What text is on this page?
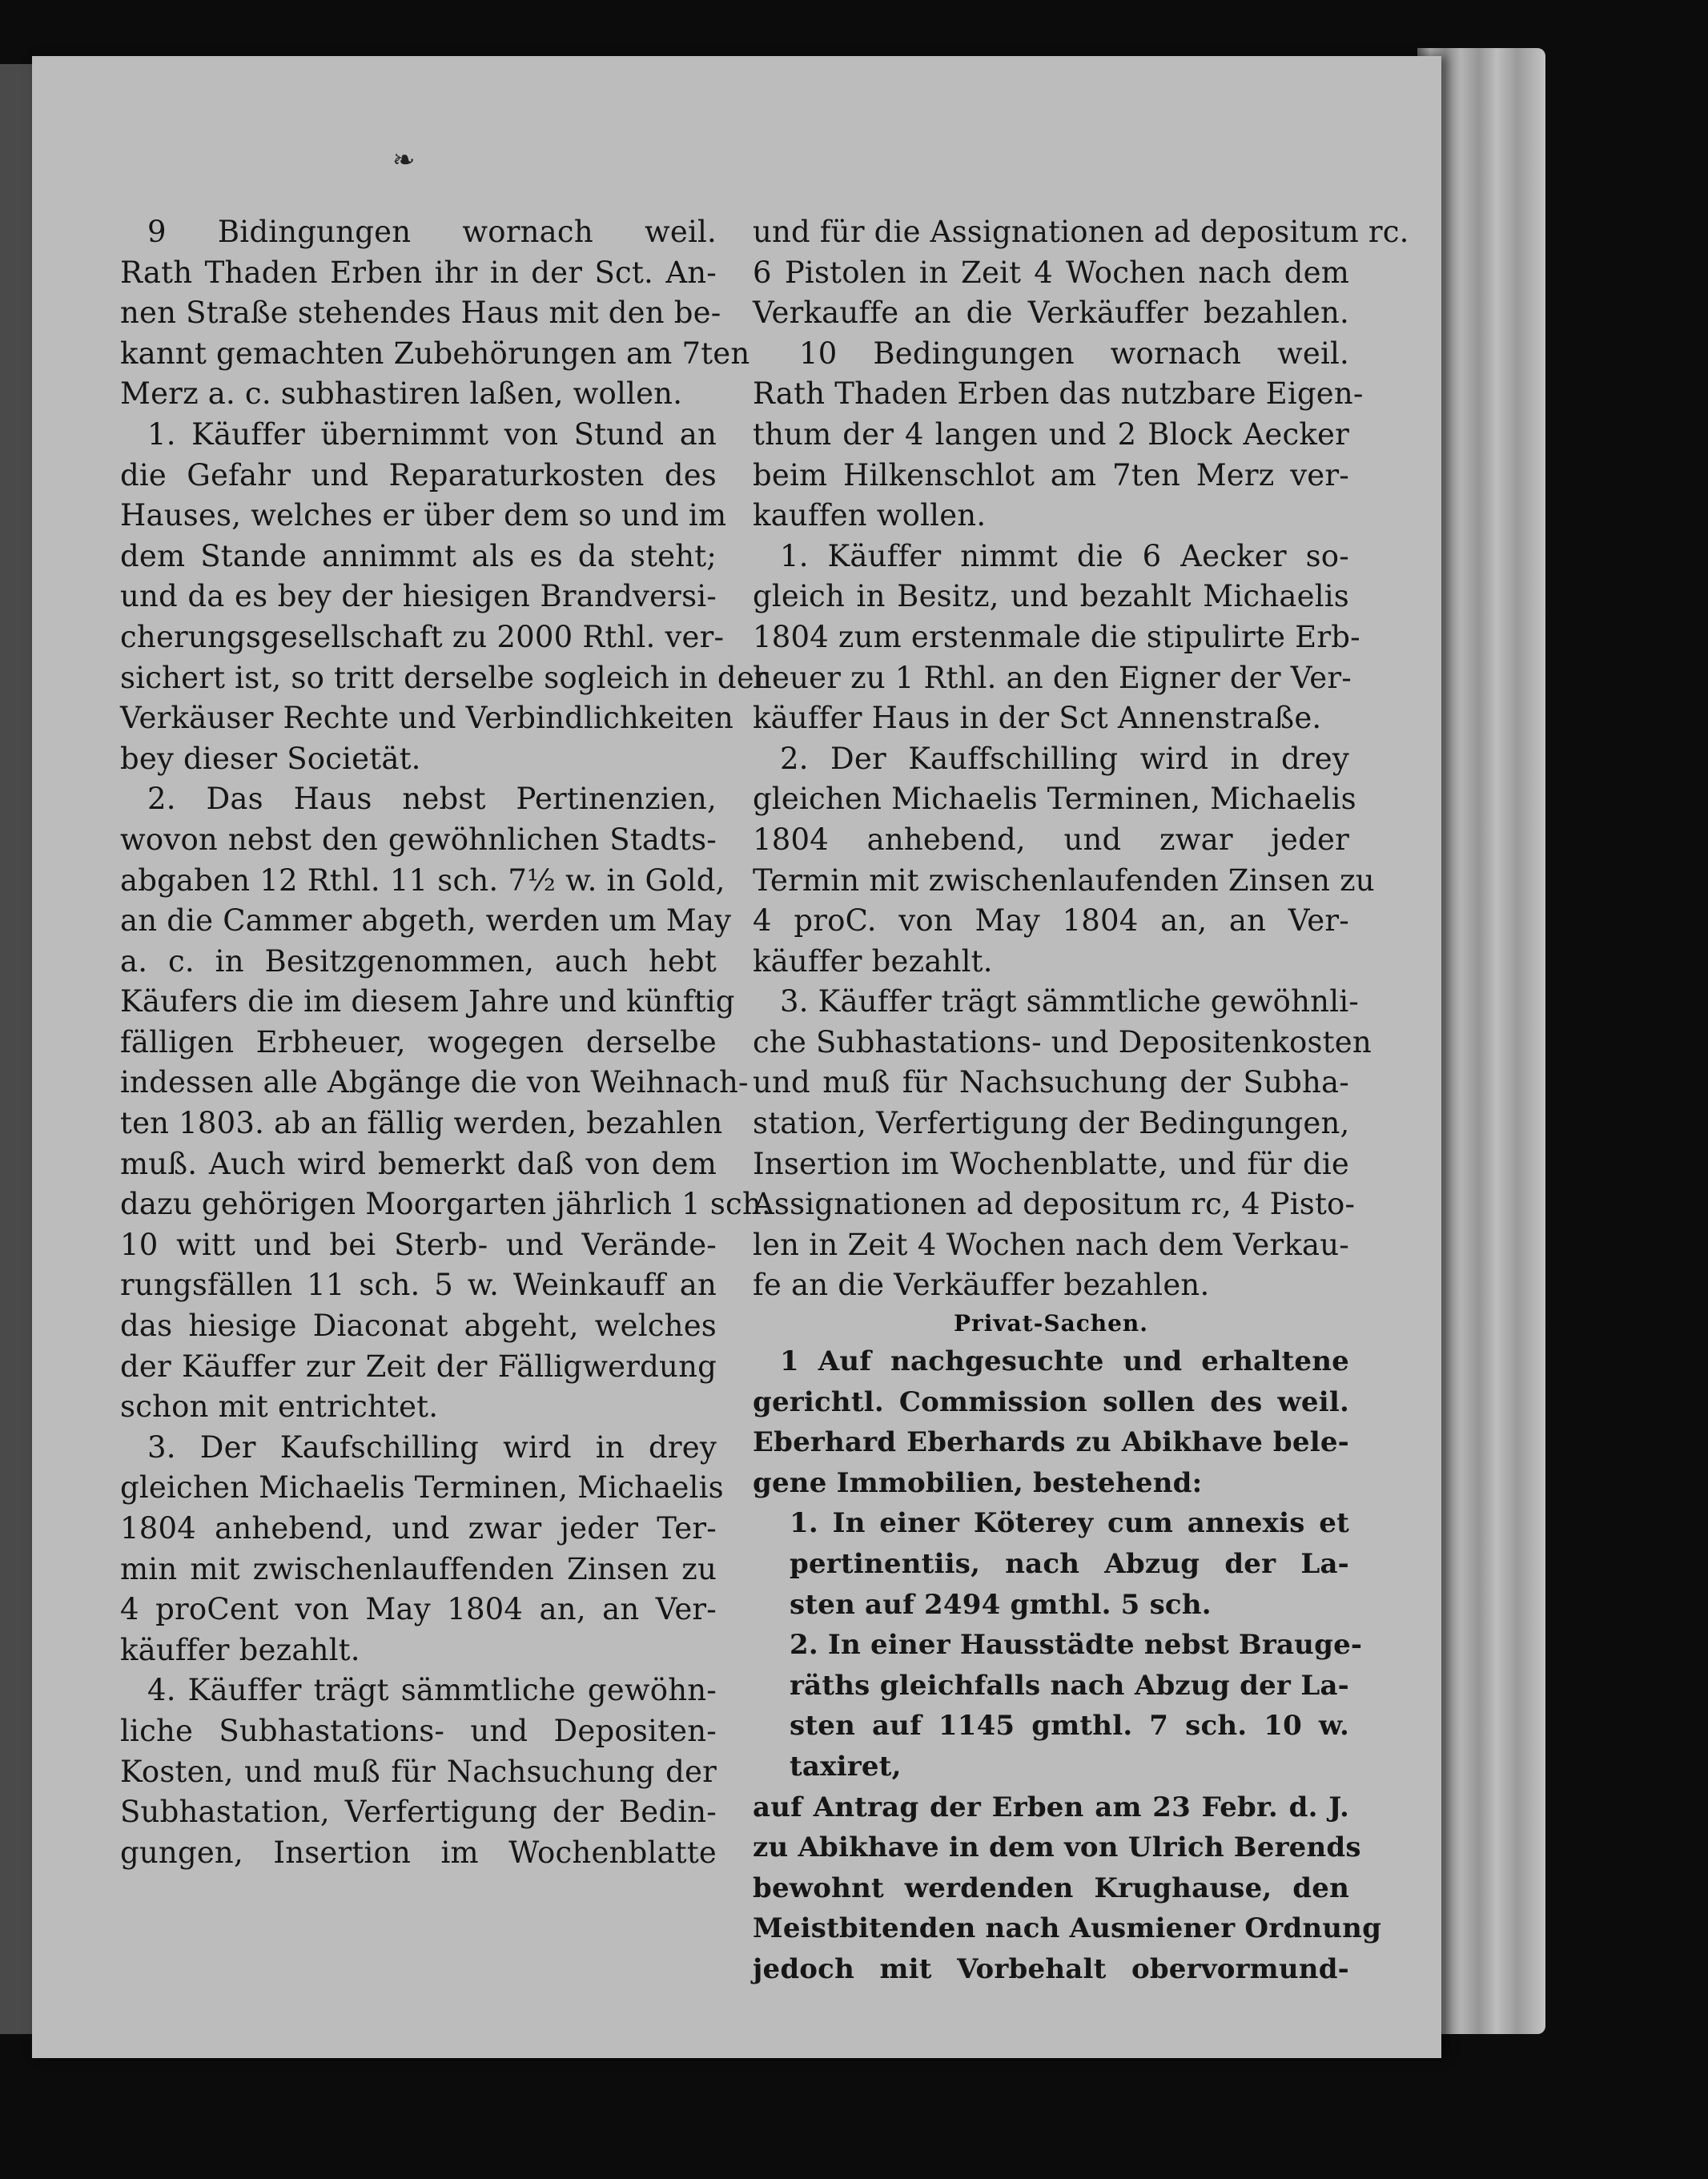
❧
9 Bidingungen wornach weil.
Rath Thaden Erben ihr in der Sct. An-
nen Straße stehendes Haus mit den be-
kannt gemachten Zubehörungen am 7ten
Merz a. c. subhastiren laßen, wollen.
1. Käuffer übernimmt von Stund an
die Gefahr und Reparaturkosten des
Hauses, welches er über dem so und im
dem Stande annimmt als es da steht;
und da es bey der hiesigen Brandversi-
cherungsgesellschaft zu 2000 Rthl. ver-
sichert ist, so tritt derselbe sogleich in der
Verkäuser Rechte und Verbindlichkeiten
bey dieser Societät.
2. Das Haus nebst Pertinenzien,
wovon nebst den gewöhnlichen Stadts-
abgaben 12 Rthl. 11 sch. 7½ w. in Gold,
an die Cammer abgeth, werden um May
a. c. in Besitzgenommen, auch hebt
Käufers die im diesem Jahre und künftig
fälligen Erbheuer, wogegen derselbe
indessen alle Abgänge die von Weihnach-
ten 1803. ab an fällig werden, bezahlen
muß. Auch wird bemerkt daß von dem
dazu gehörigen Moorgarten jährlich 1 sch.
10 witt und bei Sterb- und Verände-
rungsfällen 11 sch. 5 w. Weinkauff an
das hiesige Diaconat abgeht, welches
der Käuffer zur Zeit der Fälligwerdung
schon mit entrichtet.
3. Der Kaufschilling wird in drey
gleichen Michaelis Terminen, Michaelis
1804 anhebend, und zwar jeder Ter-
min mit zwischenlauffenden Zinsen zu
4 proCent von May 1804 an, an Ver-
käuffer bezahlt.
4. Käuffer trägt sämmtliche gewöhn-
liche Subhastations- und Depositen-
Kosten, und muß für Nachsuchung der
Subhastation, Verfertigung der Bedin-
gungen, Insertion im Wochenblatte
und für die Assignationen ad depositum rc.
6 Pistolen in Zeit 4 Wochen nach dem
Verkauffe an die Verkäuffer bezahlen.
10 Bedingungen wornach weil.
Rath Thaden Erben das nutzbare Eigen-
thum der 4 langen und 2 Block Aecker
beim Hilkenschlot am 7ten Merz ver-
kauffen wollen.
1. Käuffer nimmt die 6 Aecker so-
gleich in Besitz, und bezahlt Michaelis
1804 zum erstenmale die stipulirte Erb-
heuer zu 1 Rthl. an den Eigner der Ver-
käuffer Haus in der Sct Annenstraße.
2. Der Kauffschilling wird in drey
gleichen Michaelis Terminen, Michaelis
1804 anhebend, und zwar jeder
Termin mit zwischenlaufenden Zinsen zu
4 proC. von May 1804 an, an Ver-
käuffer bezahlt.
3. Käuffer trägt sämmtliche gewöhnli-
che Subhastations- und Depositenkosten
und muß für Nachsuchung der Subha-
station, Verfertigung der Bedingungen,
Insertion im Wochenblatte, und für die
Assignationen ad depositum rc, 4 Pisto-
len in Zeit 4 Wochen nach dem Verkau-
fe an die Verkäuffer bezahlen.
Privat-Sachen.
1 Auf nachgesuchte und erhaltene
gerichtl. Commission sollen des weil.
Eberhard Eberhards zu Abikhave bele-
gene Immobilien, bestehend:
1. In einer Köterey cum annexis et
pertinentiis, nach Abzug der La-
sten auf 2494 gmthl. 5 sch.
2. In einer Hausstädte nebst Brauge-
räths gleichfalls nach Abzug der La-
sten auf 1145 gmthl. 7 sch. 10 w.
taxiret,
auf Antrag der Erben am 23 Febr. d. J.
zu Abikhave in dem von Ulrich Berends
bewohnt werdenden Krughause, den
Meistbitenden nach Ausmiener Ordnung
jedoch mit Vorbehalt obervormund-
